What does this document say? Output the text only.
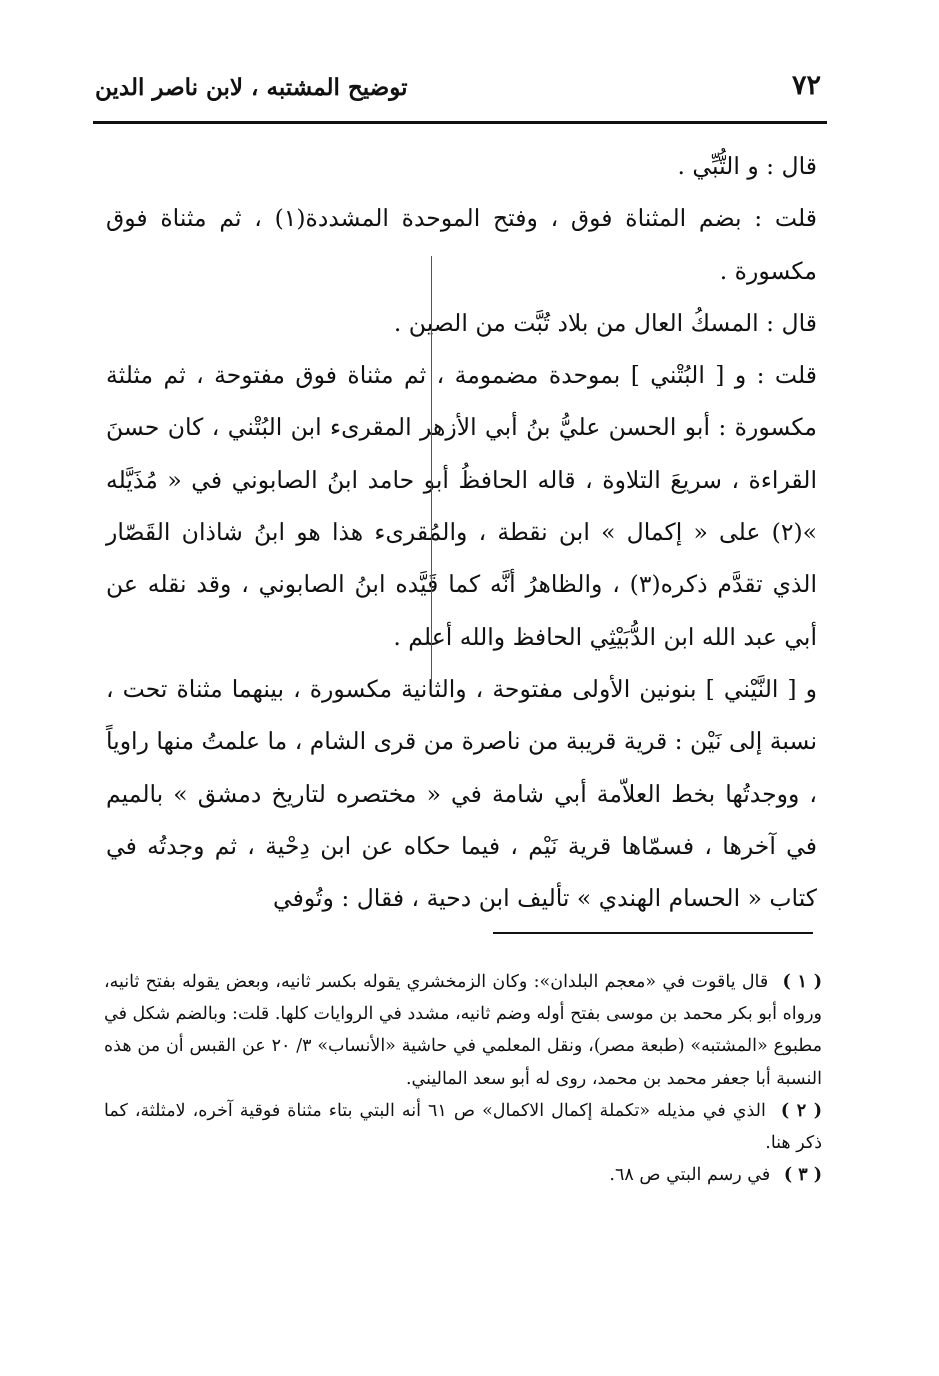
٧٢
توضيح المشتبه ، لابن ناصر الدين

قال : و التُّبِّي .

قلت : بضم المثناة فوق ، وفتح الموحدة المشددة(١) ، ثم مثناة فوق مكسورة .

قال : المسكُ العال من بلاد تُبَّت من الصين .

قلت : و [ البُتْني ] بموحدة مضمومة ، ثم مثناة فوق مفتوحة ، ثم مثلثة مكسورة : أبو الحسن عليُّ بنُ أبي الأزهر المقرىء ابن البُتْني ، كان حسنَ القراءة ، سريعَ التلاوة ، قاله الحافظُ أبو حامد ابنُ الصابوني في « مُذَيَّله »(٢) على « إكمال » ابن نقطة ، والمُقرىء هذا هو ابنُ شاذان القَصّار الذي تقدَّم ذكره(٣) ، والظاهرُ أنَّه كما قَيَّده ابنُ الصابوني ، وقد نقله عن أبي عبد الله ابن الدُّبَيْثِي الحافظ والله أعلم .

و [ النَّيْني ] بنونين الأولى مفتوحة ، والثانية مكسورة ، بينهما مثناة تحت ، نسبة إلى نَيْن : قرية قريبة من ناصرة من قرى الشام ، ما علمتُ منها راوياً ، ووجدتُها بخط العلاّمة أبي شامة في « مختصره لتاريخ دمشق » بالميم في آخرها ، فسمّاها قرية نَيْم ، فيما حكاه عن ابن دِحْية ، ثم وجدتُه في كتاب « الحسام الهندي » تأليف ابن دحية ، فقال : وتُوفي

( ١ ) قال ياقوت في «معجم البلدان»: وكان الزمخشري يقوله بكسر ثانيه، وبعض يقوله بفتح ثانيه، ورواه أبو بكر محمد بن موسى بفتح أوله وضم ثانيه، مشدد في الروايات كلها. قلت: وبالضم شكل في مطبوع «المشتبه» (طبعة مصر)، ونقل المعلمي في حاشية «الأنساب» ٣/ ٢٠ عن القبس أن من هذه النسبة أبا جعفر محمد بن محمد، روى له أبو سعد الماليني.

( ٢ ) الذي في مذيله «تكملة إكمال الاكمال» ص ٦١ أنه البتي بتاء مثناة فوقية آخره، لامثلثة، كما ذكر هنا.

( ٣ ) في رسم البتي ص ٦٨.
